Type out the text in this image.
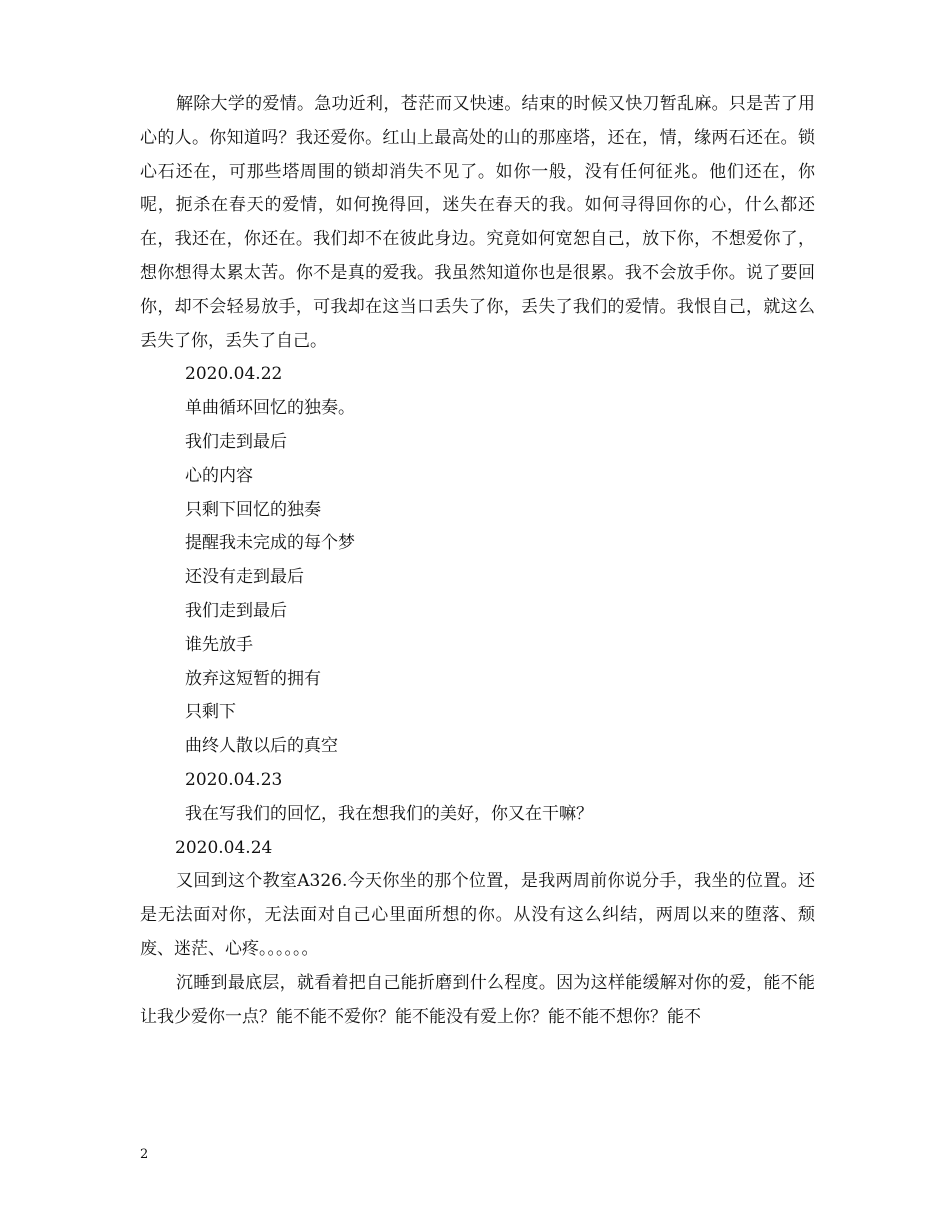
解除大学的爱情。急功近利，苍茫而又快速。结束的时候又快刀暂乱麻。只是苦了用心的人。你知道吗？我还爱你。红山上最高处的山的那座塔，还在，情，缘两石还在。锁心石还在，可那些塔周围的锁却消失不见了。如你一般，没有任何征兆。他们还在，你呢，扼杀在春天的爱情，如何挽得回，迷失在春天的我。如何寻得回你的心，什么都还在，我还在，你还在。我们却不在彼此身边。究竟如何宽恕自己，放下你，不想爱你了，想你想得太累太苦。你不是真的爱我。我虽然知道你也是很累。我不会放手你。说了要回你，却不会轻易放手，可我却在这当口丢失了你，丢失了我们的爱情。我恨自己，就这么丢失了你，丢失了自己。

2020.04.22

单曲循环回忆的独奏。

我们走到最后

心的内容

只剩下回忆的独奏

提醒我未完成的每个梦

还没有走到最后

我们走到最后

谁先放手

放弃这短暂的拥有

只剩下

曲终人散以后的真空

2020.04.23

我在写我们的回忆，我在想我们的美好，你又在干嘛？

2020.04.24

又回到这个教室A326.今天你坐的那个位置，是我两周前你说分手，我坐的位置。还是无法面对你，无法面对自己心里面所想的你。从没有这么纠结，两周以来的堕落、颓废、迷茫、心疼。。。。。。

沉睡到最底层，就看着把自己能折磨到什么程度。因为这样能缓解对你的爱，能不能让我少爱你一点？能不能不爱你？能不能没有爱上你？能不能不想你？能不

2
